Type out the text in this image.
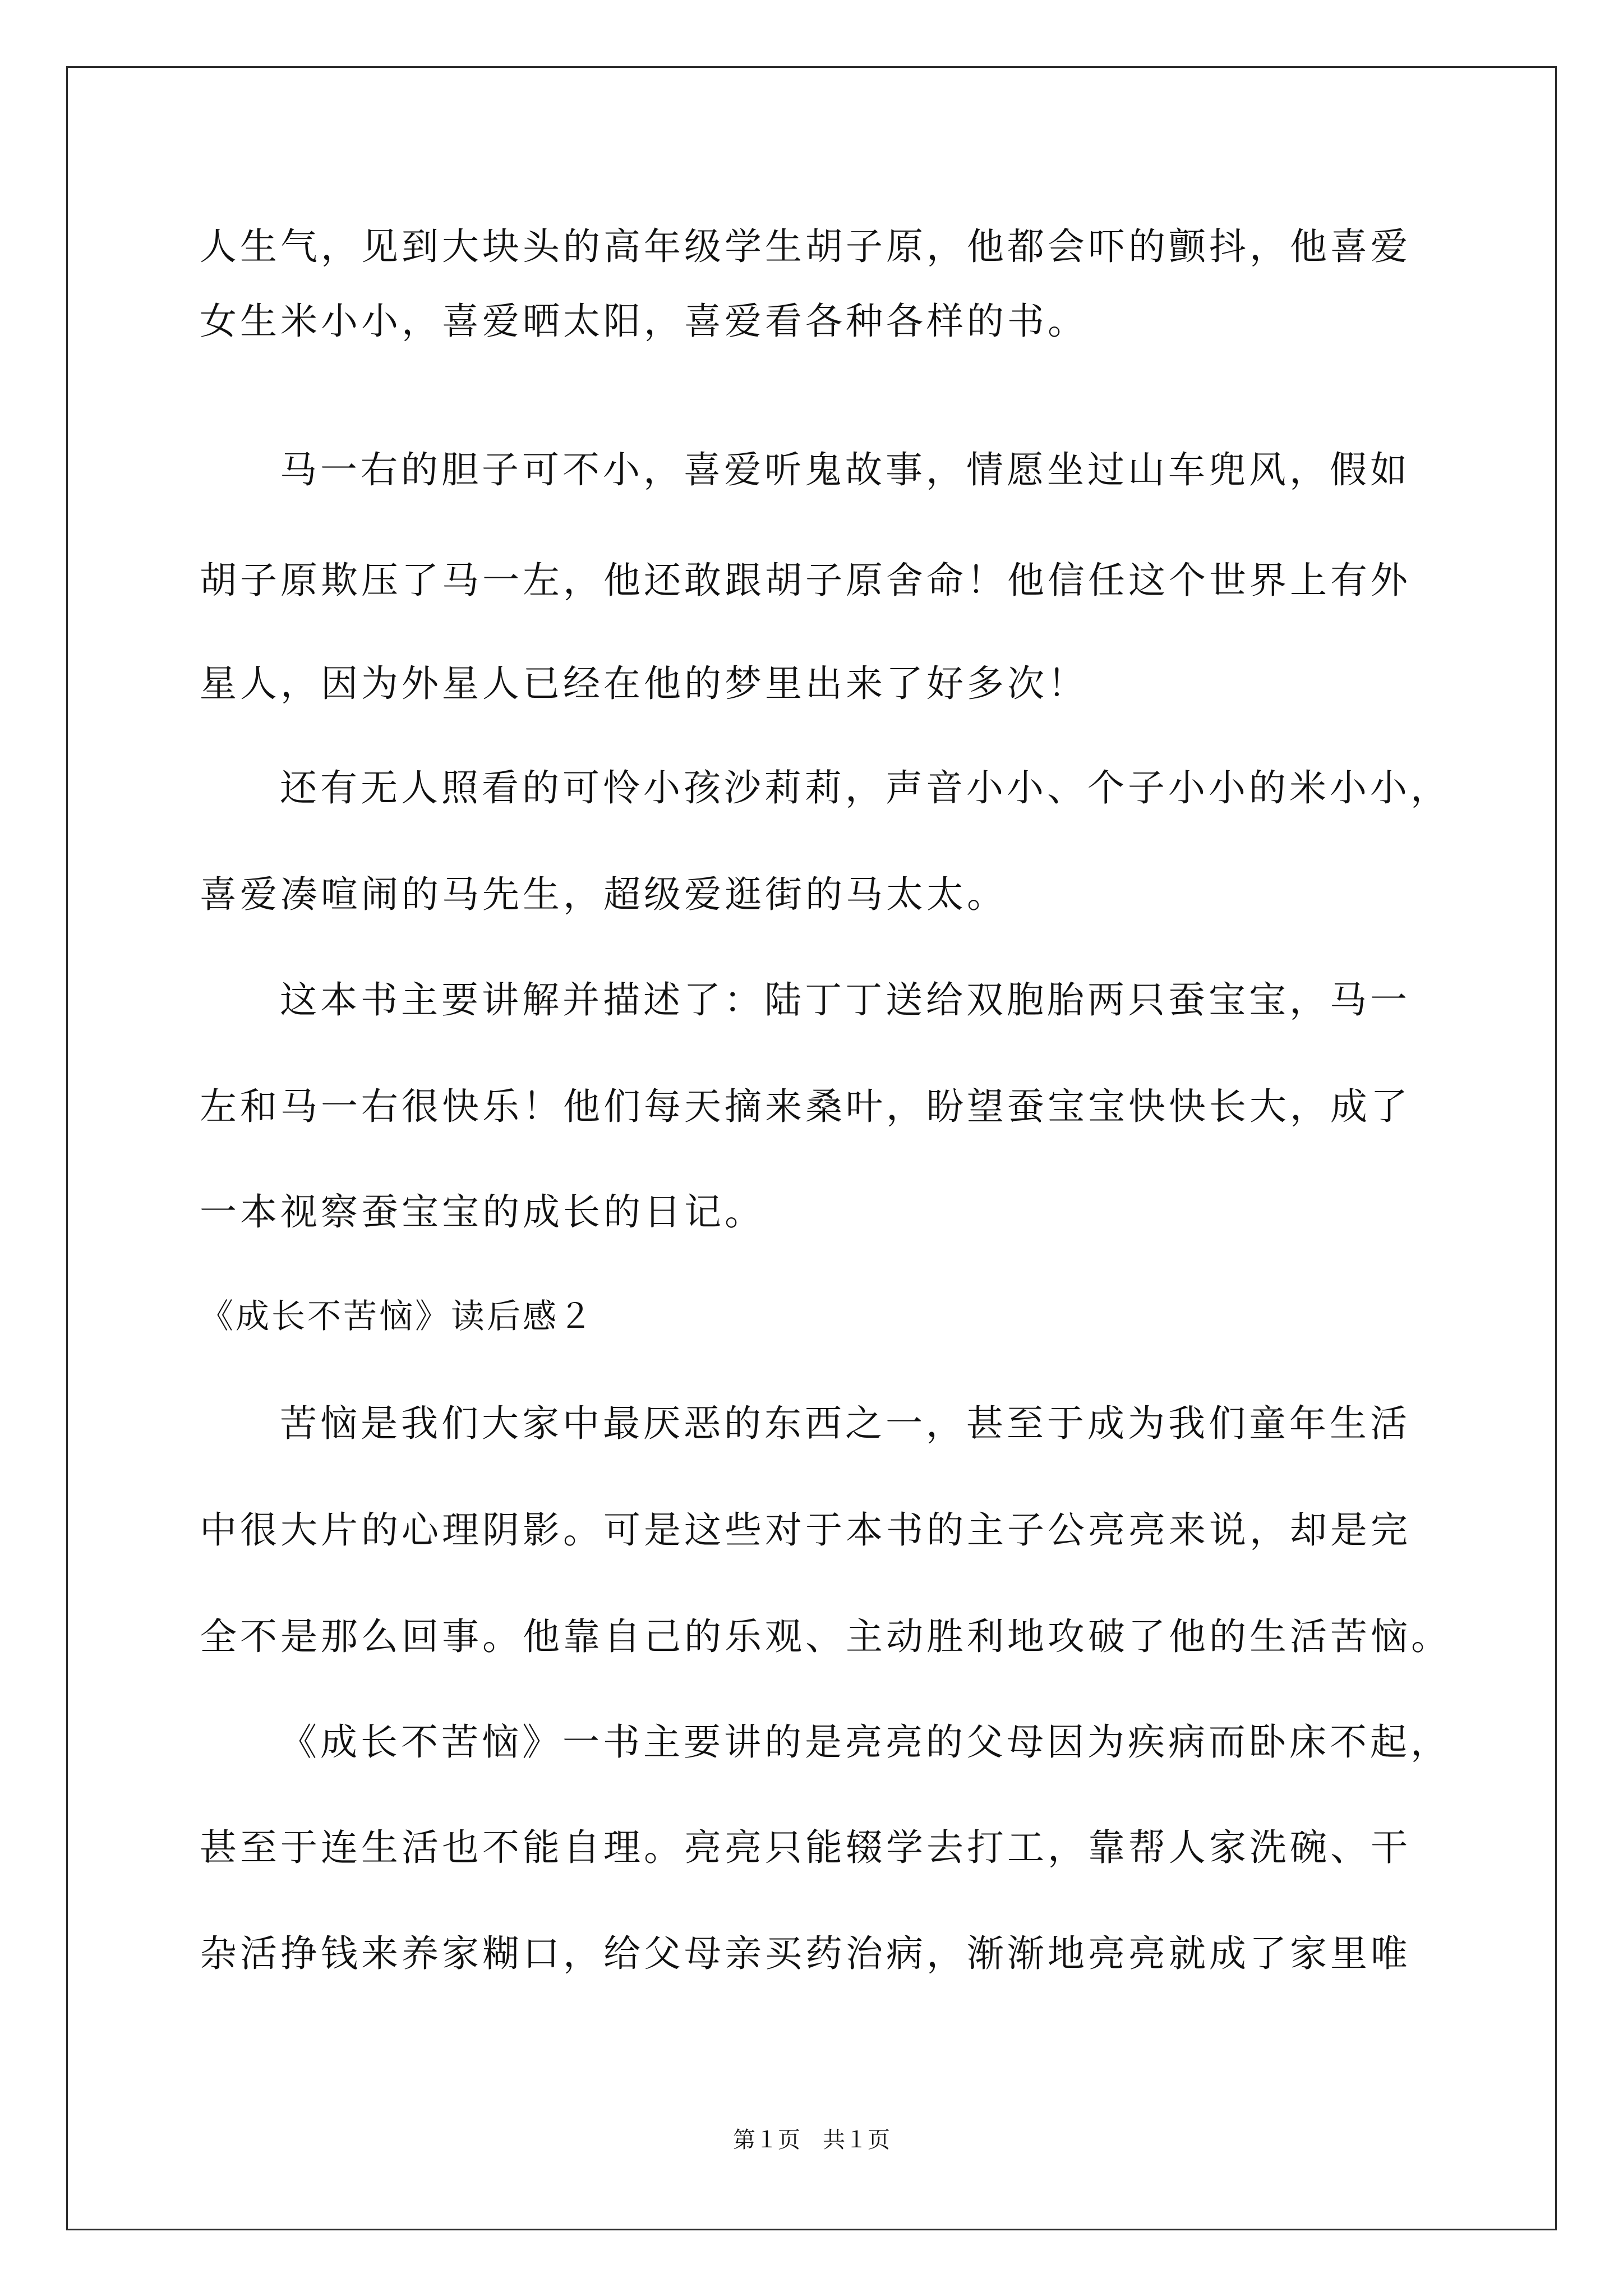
人生气，见到大块头的高年级学生胡子原，他都会吓的颤抖，他喜爱
女生米小小，喜爱晒太阳，喜爱看各种各样的书。
马一右的胆子可不小，喜爱听鬼故事，情愿坐过山车兜风，假如
胡子原欺压了马一左，他还敢跟胡子原舍命！他信任这个世界上有外
星人，因为外星人已经在他的梦里出来了好多次！
还有无人照看的可怜小孩沙莉莉，声音小小、个子小小的米小小，
喜爱凑喧闹的马先生，超级爱逛街的马太太。
这本书主要讲解并描述了：陆丁丁送给双胞胎两只蚕宝宝，马一
左和马一右很快乐！他们每天摘来桑叶，盼望蚕宝宝快快长大，成了
一本视察蚕宝宝的成长的日记。
《成长不苦恼》读后感２
苦恼是我们大家中最厌恶的东西之一，甚至于成为我们童年生活
中很大片的心理阴影。可是这些对于本书的主子公亮亮来说，却是完
全不是那么回事。他靠自己的乐观、主动胜利地攻破了他的生活苦恼。
《成长不苦恼》一书主要讲的是亮亮的父母因为疾病而卧床不起，
甚至于连生活也不能自理。亮亮只能辍学去打工，靠帮人家洗碗、干
杂活挣钱来养家糊口，给父母亲买药治病，渐渐地亮亮就成了家里唯
第１页　共１页
